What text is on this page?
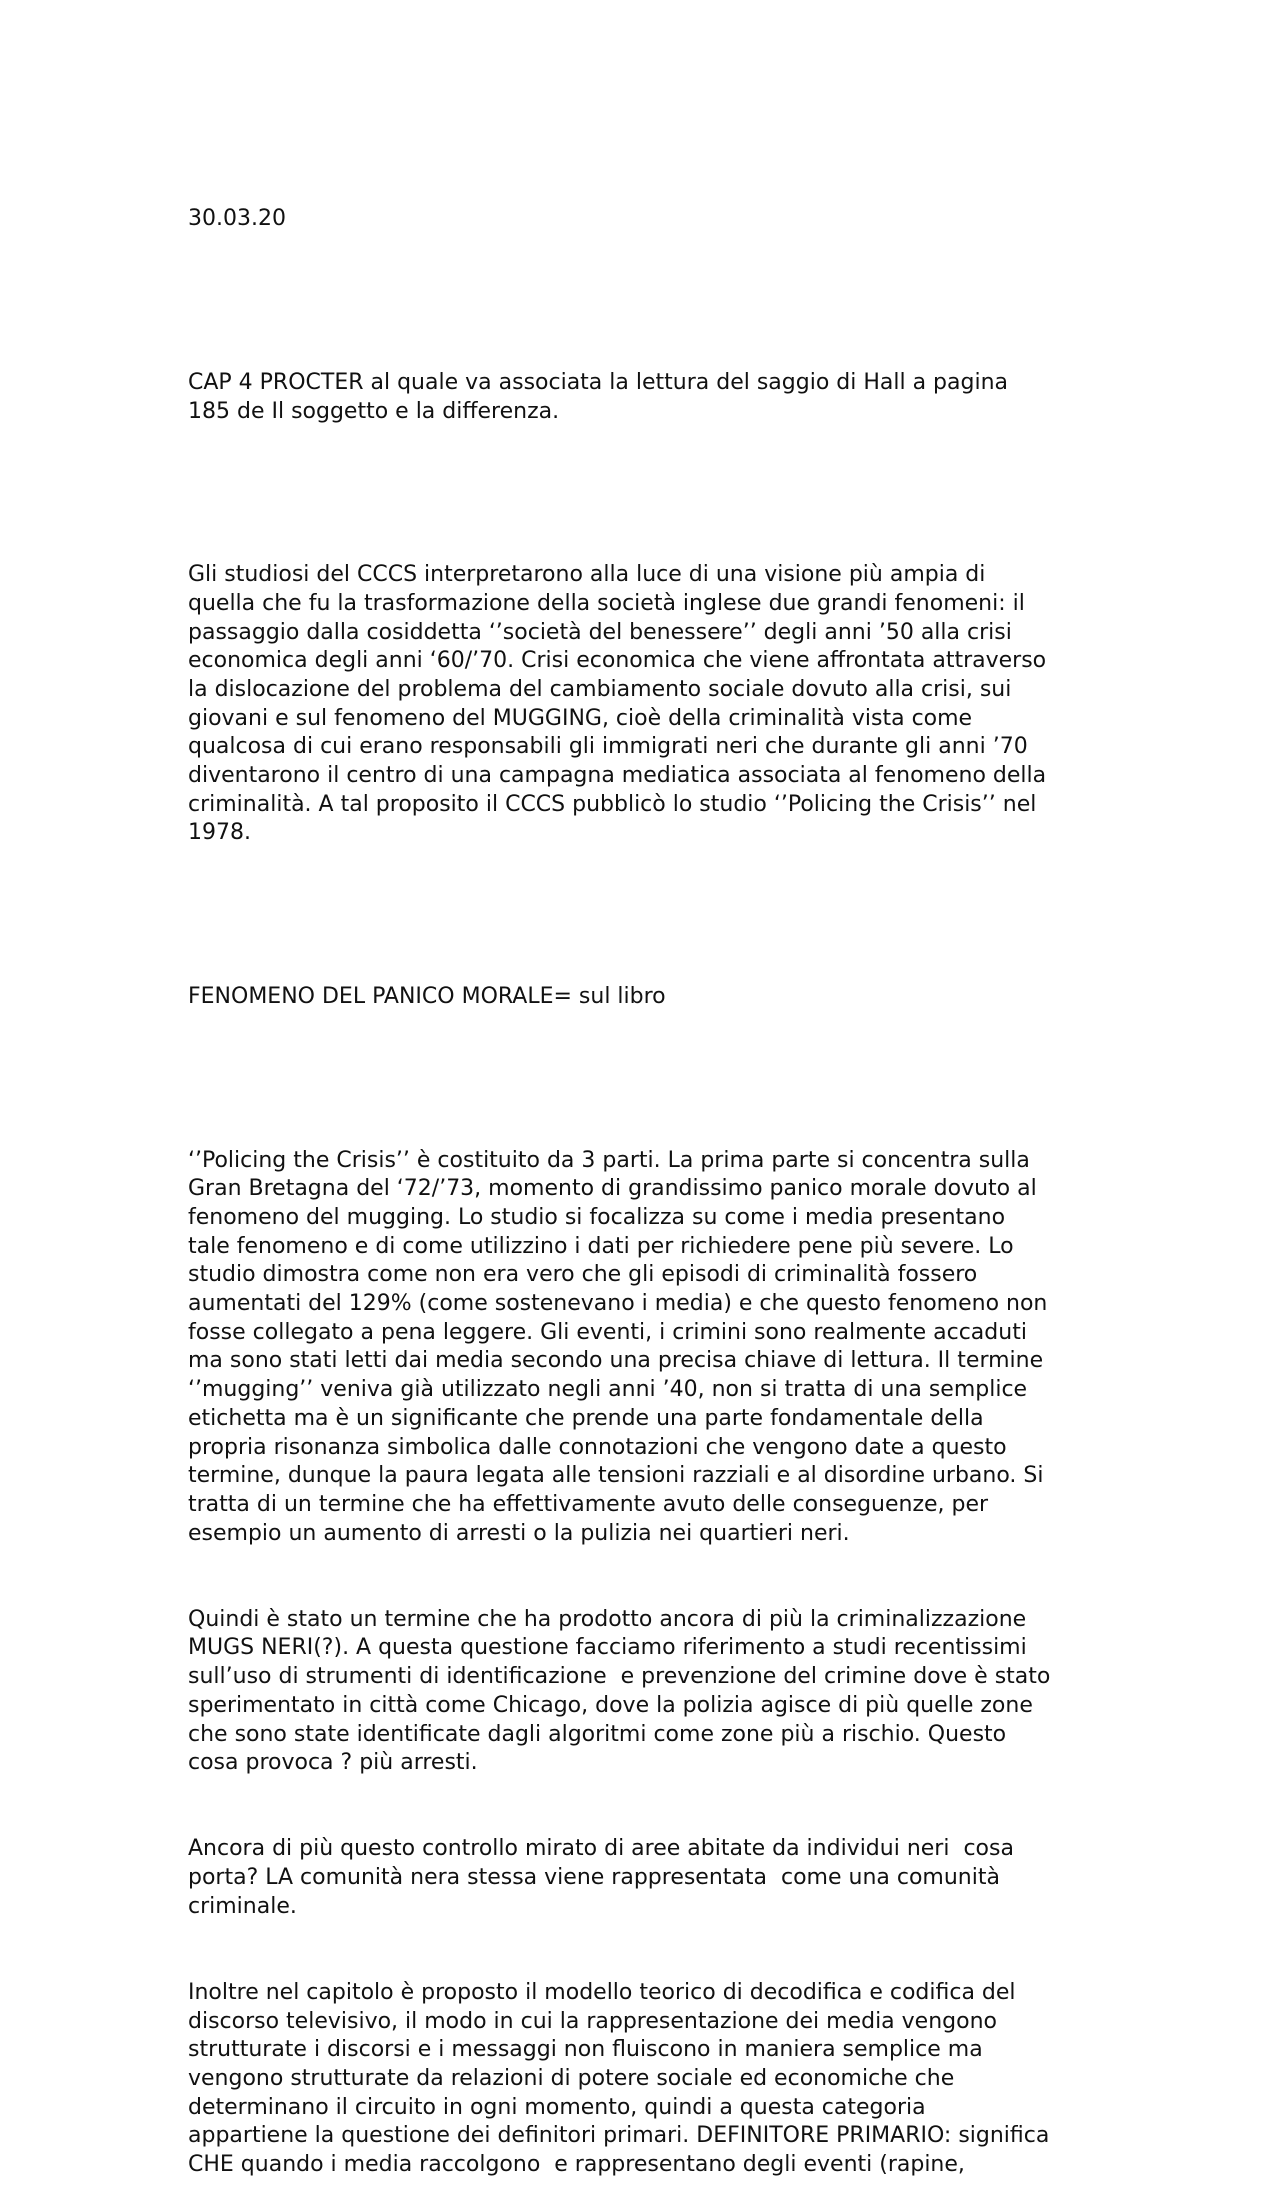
30.03.20

CAP 4 PROCTER al quale va associata la lettura del saggio di Hall a pagina
185 de Il soggetto e la differenza.

Gli studiosi del CCCS interpretarono alla luce di una visione più ampia di
quella che fu la trasformazione della società inglese due grandi fenomeni: il
passaggio dalla cosiddetta ‘’società del benessere’’ degli anni ’50 alla crisi
economica degli anni ‘60/’70. Crisi economica che viene affrontata attraverso
la dislocazione del problema del cambiamento sociale dovuto alla crisi, sui
giovani e sul fenomeno del MUGGING, cioè della criminalità vista come
qualcosa di cui erano responsabili gli immigrati neri che durante gli anni ’70
diventarono il centro di una campagna mediatica associata al fenomeno della
criminalità. A tal proposito il CCCS pubblicò lo studio ‘’Policing the Crisis’’ nel
1978.

FENOMENO DEL PANICO MORALE= sul libro

‘’Policing the Crisis’’ è costituito da 3 parti. La prima parte si concentra sulla
Gran Bretagna del ‘72/’73, momento di grandissimo panico morale dovuto al
fenomeno del mugging. Lo studio si focalizza su come i media presentano
tale fenomeno e di come utilizzino i dati per richiedere pene più severe. Lo
studio dimostra come non era vero che gli episodi di criminalità fossero
aumentati del 129% (come sostenevano i media) e che questo fenomeno non
fosse collegato a pena leggere. Gli eventi, i crimini sono realmente accaduti
ma sono stati letti dai media secondo una precisa chiave di lettura. Il termine
‘’mugging’’ veniva già utilizzato negli anni ’40, non si tratta di una semplice
etichetta ma è un significante che prende una parte fondamentale della
propria risonanza simbolica dalle connotazioni che vengono date a questo
termine, dunque la paura legata alle tensioni razziali e al disordine urbano. Si
tratta di un termine che ha effettivamente avuto delle conseguenze, per
esempio un aumento di arresti o la pulizia nei quartieri neri.

Quindi è stato un termine che ha prodotto ancora di più la criminalizzazione
MUGS NERI(?). A questa questione facciamo riferimento a studi recentissimi
sull’uso di strumenti di identificazione  e prevenzione del crimine dove è stato
sperimentato in città come Chicago, dove la polizia agisce di più quelle zone
che sono state identificate dagli algoritmi come zone più a rischio. Questo
cosa provoca ? più arresti.

Ancora di più questo controllo mirato di aree abitate da individui neri  cosa
porta? LA comunità nera stessa viene rappresentata  come una comunità
criminale.

Inoltre nel capitolo è proposto il modello teorico di decodifica e codifica del
discorso televisivo, il modo in cui la rappresentazione dei media vengono
strutturate i discorsi e i messaggi non fluiscono in maniera semplice ma
vengono strutturate da relazioni di potere sociale ed economiche che
determinano il circuito in ogni momento, quindi a questa categoria
appartiene la questione dei definitori primari. DEFINITORE PRIMARIO: significa
CHE quando i media raccolgono  e rappresentano degli eventi (rapine,
